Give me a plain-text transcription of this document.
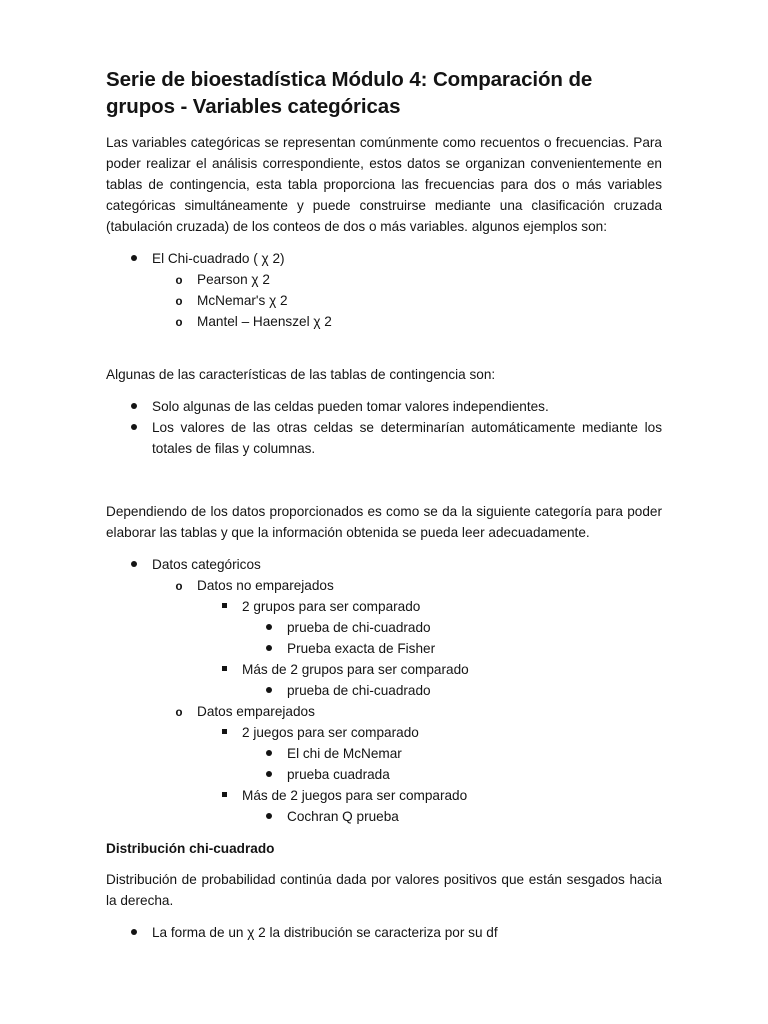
Serie de bioestadística Módulo 4: Comparación de grupos - Variables categóricas

Las variables categóricas se representan comúnmente como recuentos o frecuencias. Para poder realizar el análisis correspondiente, estos datos se organizan convenientemente en tablas de contingencia, esta tabla proporciona las frecuencias para dos o más variables categóricas simultáneamente y puede construirse mediante una clasificación cruzada (tabulación cruzada) de los conteos de dos o más variables. algunos ejemplos son:

El Chi-cuadrado ( χ 2)
o
Pearson χ 2
o
McNemar's χ 2
o
Mantel – Haenszel χ 2

Algunas de las características de las tablas de contingencia son:

Solo algunas de las celdas pueden tomar valores independientes.
Los valores de las otras celdas se determinarían automáticamente mediante los totales de filas y columnas.

Dependiendo de los datos proporcionados es como se da la siguiente categoría para poder elaborar las tablas y que la información obtenida se pueda leer adecuadamente.

Datos categóricos
o
Datos no emparejados
2 grupos para ser comparado
prueba de chi-cuadrado
Prueba exacta de Fisher
Más de 2 grupos para ser comparado
prueba de chi-cuadrado
o
Datos emparejados
2 juegos para ser comparado
El chi de McNemar
prueba cuadrada
Más de 2 juegos para ser comparado
Cochran Q prueba
Distribución chi-cuadrado

Distribución de probabilidad continúa dada por valores positivos que están sesgados hacia la derecha.

La forma de un χ 2 la distribución se caracteriza por su df
